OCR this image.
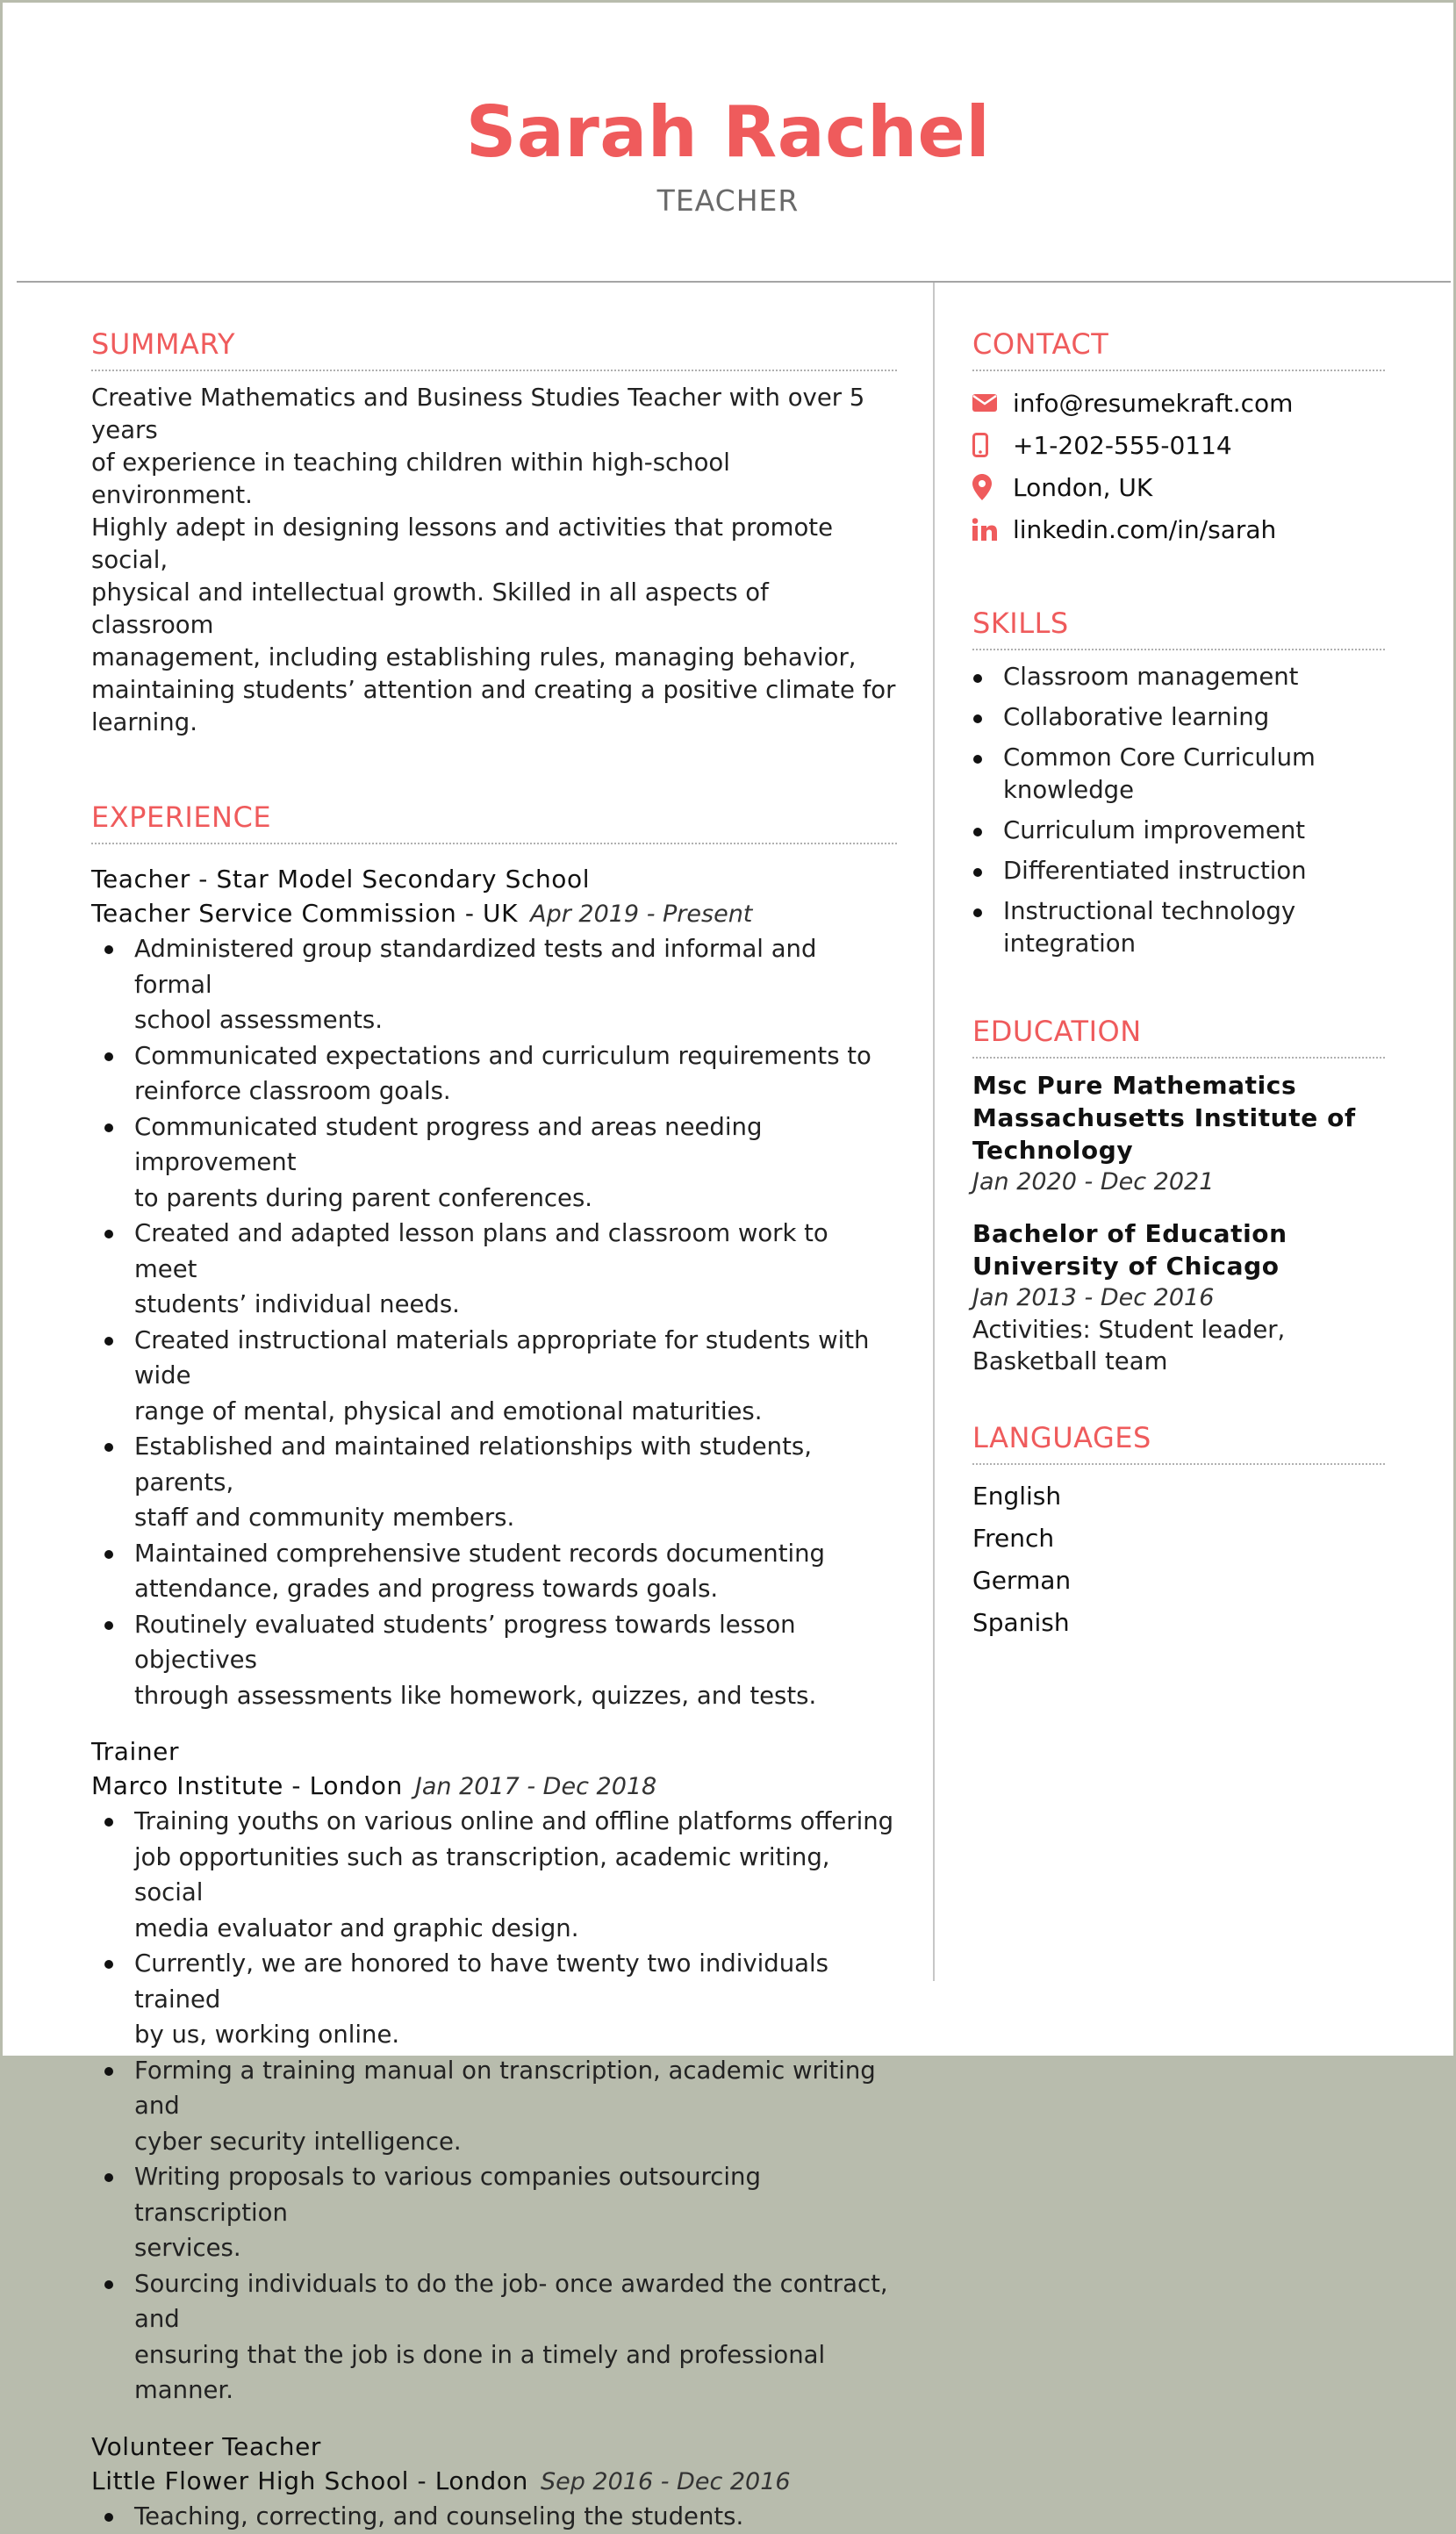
Sarah Rachel
TEACHER
SUMMARY
Creative Mathematics and Business Studies Teacher with over 5 years
of experience in teaching children within high-school environment.
Highly adept in designing lessons and activities that promote social,
physical and intellectual growth. Skilled in all aspects of classroom
management, including establishing rules, managing behavior,
maintaining students’ attention and creating a positive climate for
learning.
EXPERIENCE
Teacher - Star Model Secondary School
Teacher Service Commission - UK Apr 2019 - Present
Administered group standardized tests and informal and formal
school assessments.
Communicated expectations and curriculum requirements to
reinforce classroom goals.
Communicated student progress and areas needing improvement
to parents during parent conferences.
Created and adapted lesson plans and classroom work to meet
students’ individual needs.
Created instructional materials appropriate for students with wide
range of mental, physical and emotional maturities.
Established and maintained relationships with students, parents,
staff and community members.
Maintained comprehensive student records documenting
attendance, grades and progress towards goals.
Routinely evaluated students’ progress towards lesson objectives
through assessments like homework, quizzes, and tests.
Trainer
Marco Institute - London Jan 2017 - Dec 2018
Training youths on various online and offline platforms offering
job opportunities such as transcription, academic writing, social
media evaluator and graphic design.
Currently, we are honored to have twenty two individuals trained
by us, working online.
Forming a training manual on transcription, academic writing and
cyber security intelligence.
Writing proposals to various companies outsourcing transcription
services.
Sourcing individuals to do the job- once awarded the contract, and
ensuring that the job is done in a timely and professional manner.
Volunteer Teacher
Little Flower High School - London Sep 2016 - Dec 2016
Teaching, correcting, and counseling the students.
CONTACT
info@resumekraft.com
+1-202-555-0114
London, UK
linkedin.com/in/sarah
SKILLS
Classroom management
Collaborative learning
Common Core Curriculum
knowledge
Curriculum improvement
Differentiated instruction
Instructional technology
integration
EDUCATION
Msc Pure Mathematics
Massachusetts Institute of
Technology
Jan 2020 - Dec 2021
Bachelor of Education
University of Chicago
Jan 2013 - Dec 2016
Activities: Student leader,
Basketball team
LANGUAGES
English
French
German
Spanish
